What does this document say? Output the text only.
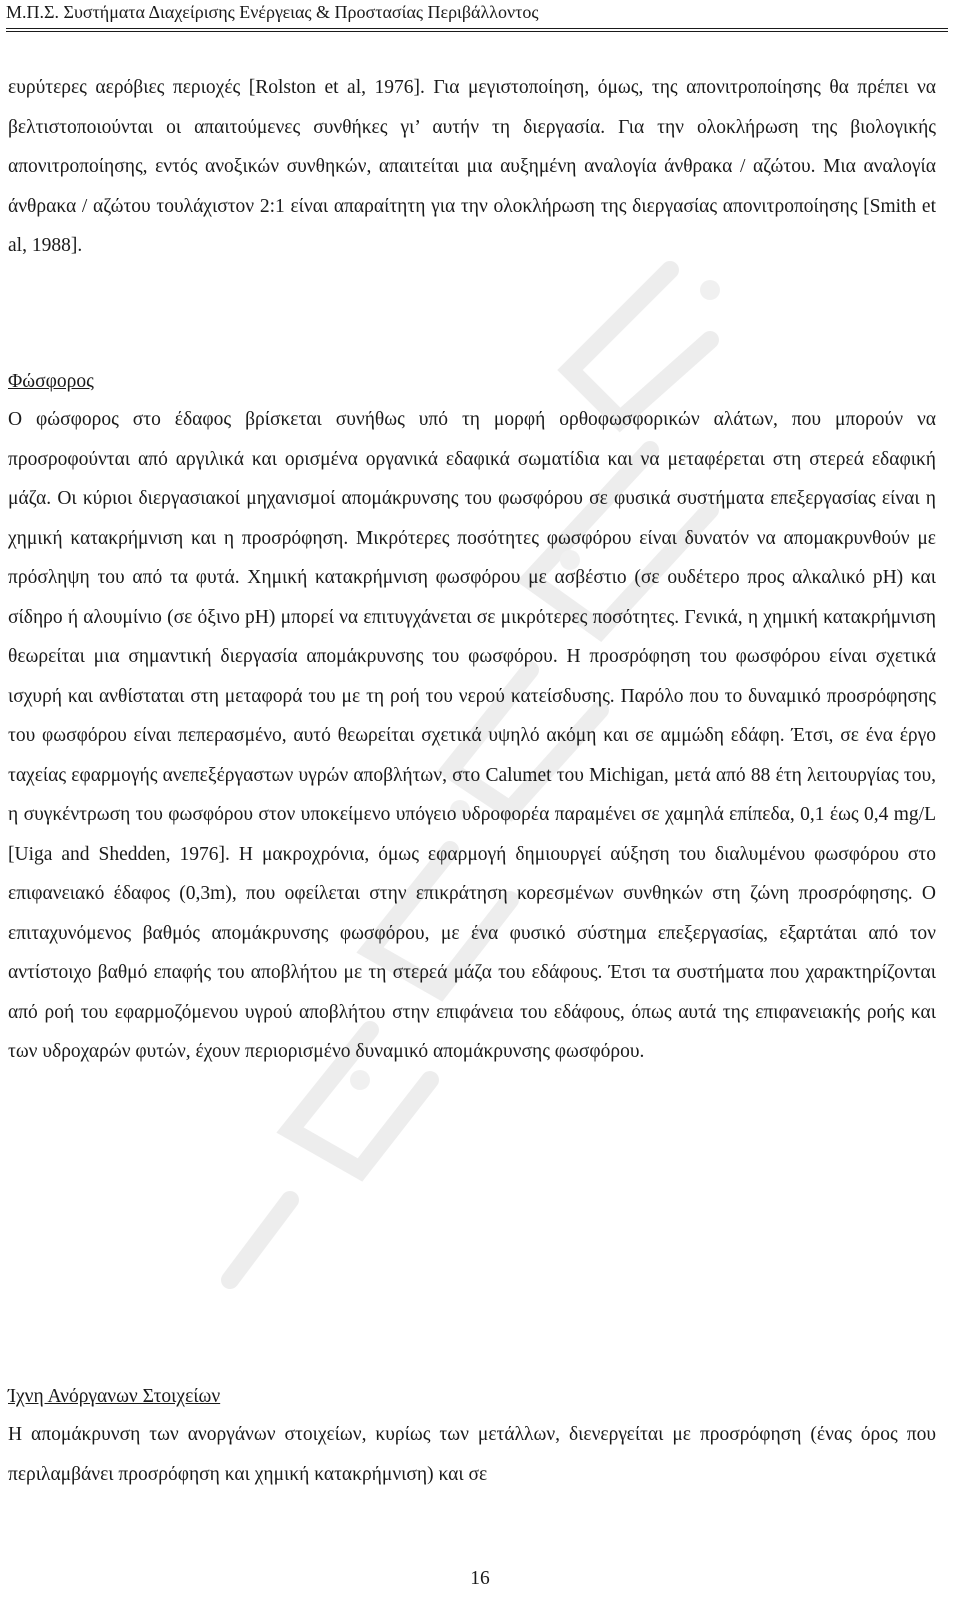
Μ.Π.Σ. Συστήματα Διαχείρισης Ενέργειας & Προστασίας Περιβάλλοντος

ευρύτερες αερόβιες περιοχές [Rolston et al, 1976]. Για μεγιστοποίηση, όμως, της απονιτροποίησης θα πρέπει να βελτιστοποιούνται οι απαιτούμενες συνθήκες γι’ αυτήν τη διεργασία. Για την ολοκλήρωση της βιολογικής απονιτροποίησης, εντός ανοξικών συνθηκών, απαιτείται μια αυξημένη αναλογία άνθρακα / αζώτου. Μια αναλογία άνθρακα / αζώτου τουλάχιστον 2:1 είναι απαραίτητη για την ολοκλήρωση της διεργασίας απονιτροποίησης [Smith et al, 1988].

Φώσφορος

Ο φώσφορος στο έδαφος βρίσκεται συνήθως υπό τη μορφή ορθοφωσφορικών αλάτων, που μπορούν να προσροφούνται από αργιλικά και ορισμένα οργανικά εδαφικά σωματίδια και να μεταφέρεται στη στερεά εδαφική μάζα. Οι κύριοι διεργασιακοί μηχανισμοί απομάκρυνσης του φωσφόρου σε φυσικά συστήματα επεξεργασίας είναι η χημική κατακρήμνιση και η προσρόφηση. Μικρότερες ποσότητες φωσφόρου είναι δυνατόν να απομακρυνθούν με πρόσληψη του από τα φυτά. Χημική κατακρήμνιση φωσφόρου με ασβέστιο (σε ουδέτερο προς αλκαλικό pH) και σίδηρο ή αλουμίνιο (σε όξινο pH) μπορεί να επιτυγχάνεται σε μικρότερες ποσότητες. Γενικά, η χημική κατακρήμνιση θεωρείται μια σημαντική διεργασία απομάκρυνσης του φωσφόρου. Η προσρόφηση του φωσφόρου είναι σχετικά ισχυρή και ανθίσταται στη μεταφορά του με τη ροή του νερού κατείσδυσης. Παρόλο που το δυναμικό προσρόφησης του φωσφόρου είναι πεπερασμένο, αυτό θεωρείται σχετικά υψηλό ακόμη και σε αμμώδη εδάφη. Έτσι, σε ένα έργο ταχείας εφαρμογής ανεπεξέργαστων υγρών αποβλήτων, στο Calumet του Michigan, μετά από 88 έτη λειτουργίας του, η συγκέντρωση του φωσφόρου στον υποκείμενο υπόγειο υδροφορέα παραμένει σε χαμηλά επίπεδα, 0,1 έως 0,4 mg/L [Uiga and Shedden, 1976]. Η μακροχρόνια, όμως εφαρμογή δημιουργεί αύξηση του διαλυμένου φωσφόρου στο επιφανειακό έδαφος (0,3m), που οφείλεται στην επικράτηση κορεσμένων συνθηκών στη ζώνη προσρόφησης. Ο επιταχυνόμενος βαθμός απομάκρυνσης φωσφόρου, με ένα φυσικό σύστημα επεξεργασίας, εξαρτάται από τον αντίστοιχο βαθμό επαφής του αποβλήτου με τη στερεά μάζα του εδάφους. Έτσι τα συστήματα που χαρακτηρίζονται από ροή του εφαρμοζόμενου υγρού αποβλήτου στην επιφάνεια του εδάφους, όπως αυτά της επιφανειακής ροής και των υδροχαρών φυτών, έχουν περιορισμένο δυναμικό απομάκρυνσης φωσφόρου.

Ίχνη Ανόργανων Στοιχείων

Η απομάκρυνση των ανοργάνων στοιχείων, κυρίως των μετάλλων, διενεργείται με προσρόφηση (ένας όρος που περιλαμβάνει προσρόφηση και χημική κατακρήμνιση) και σε

16
